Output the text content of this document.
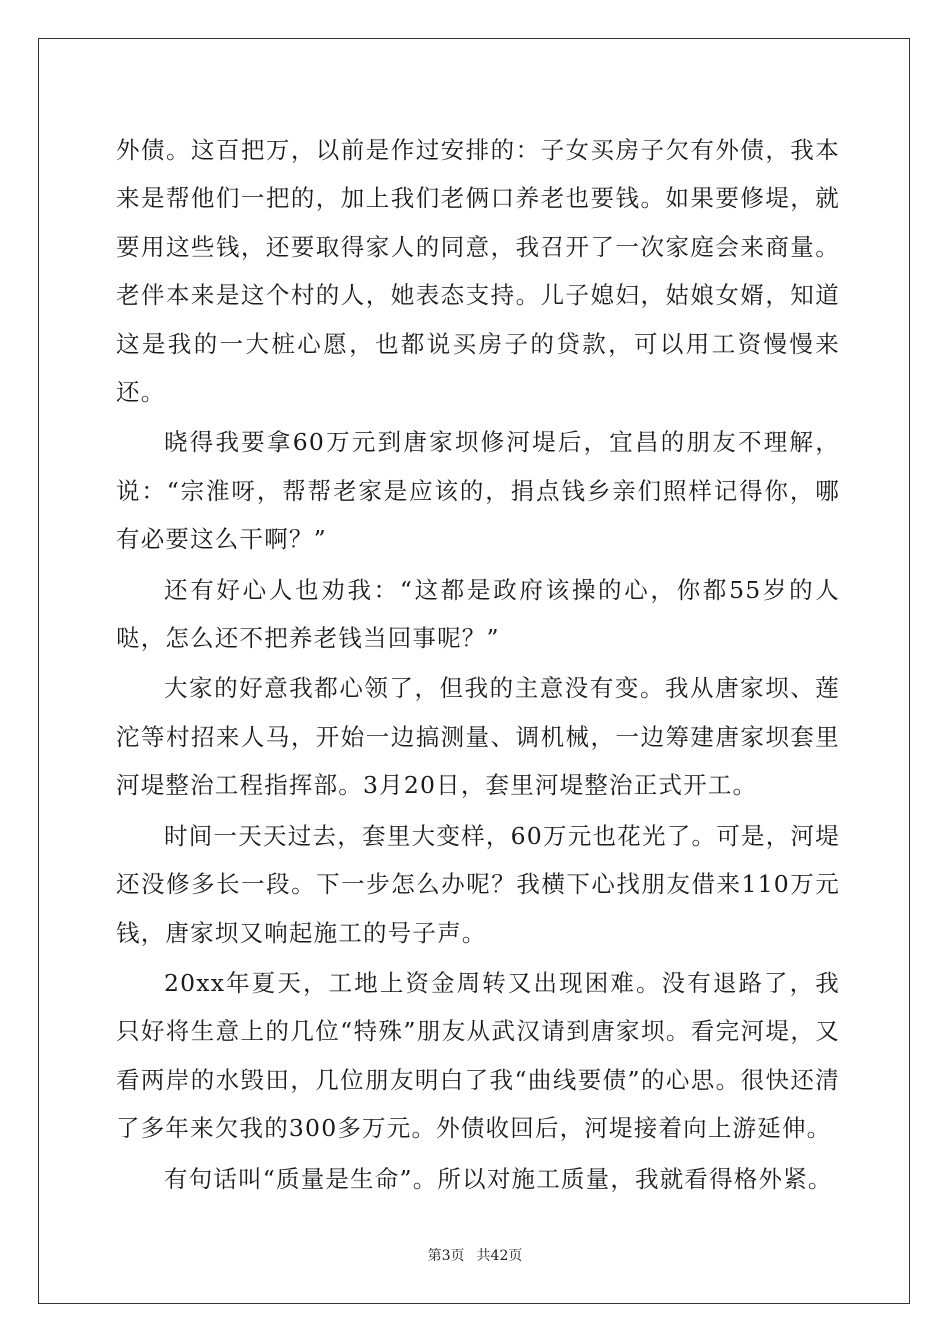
外债。这百把万，以前是作过安排的：子女买房子欠有外债，我本来是帮他们一把的，加上我们老俩口养老也要钱。如果要修堤，就要用这些钱，还要取得家人的同意，我召开了一次家庭会来商量。老伴本来是这个村的人，她表态支持。儿子媳妇，姑娘女婿，知道这是我的一大桩心愿，也都说买房子的贷款，可以用工资慢慢来还。

晓得我要拿60万元到唐家坝修河堤后，宜昌的朋友不理解，说：“宗淮呀，帮帮老家是应该的，捐点钱乡亲们照样记得你，哪有必要这么干啊？”

还有好心人也劝我：“这都是政府该操的心，你都55岁的人哒，怎么还不把养老钱当回事呢？”

大家的好意我都心领了，但我的主意没有变。我从唐家坝、莲沱等村招来人马，开始一边搞测量、调机械，一边筹建唐家坝套里河堤整治工程指挥部。3月20日，套里河堤整治正式开工。

时间一天天过去，套里大变样，60万元也花光了。可是，河堤还没修多长一段。下一步怎么办呢？我横下心找朋友借来110万元钱，唐家坝又响起施工的号子声。

20xx年夏天，工地上资金周转又出现困难。没有退路了，我只好将生意上的几位“特殊”朋友从武汉请到唐家坝。看完河堤，又看两岸的水毁田，几位朋友明白了我“曲线要债”的心思。很快还清了多年来欠我的300多万元。外债收回后，河堤接着向上游延伸。

有句话叫“质量是生命”。所以对施工质量，我就看得格外紧。

第3页 共42页
